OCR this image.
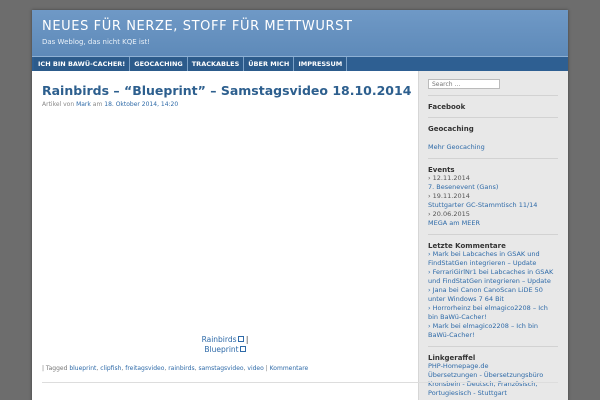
NEUES FÜR NERZE, STOFF FÜR METTWURST
Das Weblog, das nicht KQE ist!
ICH BIN BAWÜ-CACHER!	GEOCACHING	TRACKABLES	ÜBER MICH	IMPRESSUM
Rainbirds – “Blueprint” – Samstagsvideo 18.10.2014
Artikel von Mark am 18. Oktober 2014, 14:20
Search ...	Facebook
Geocaching
Mehr Geocaching
Events
› 12.11.2014
7. Besenevent (Gans)
› 19.11.2014
Stuttgarter GC-Stammtisch 11/14
› 20.06.2015
MEGA am MEER
Letzte Kommentare
› Mark bei Labcaches in GSAK und FindStatGen integrieren – Update
› FerrariGirlNr1 bei Labcaches in GSAK und FindStatGen integrieren – Update
› Jana bei Canon CanoScan LiDE 50 unter Windows 7 64 Bit
› Horrorheinz bei elmagico2208 – Ich bin BaWü-Cacher!
› Mark bei elmagico2208 – Ich bin BaWü-Cacher!
Linkgeraffel
PHP-Homepage.de
Übersetzungen - Übersetzungsbüro
Kronsbein - Deutsch, Französisch,
Portugiesisch - Stuttgart
Rainbirds |
Blueprint
| Tagged blueprint, clipfish, freitagsvideo, rainbirds, samstagsvideo, video | Kommentare
